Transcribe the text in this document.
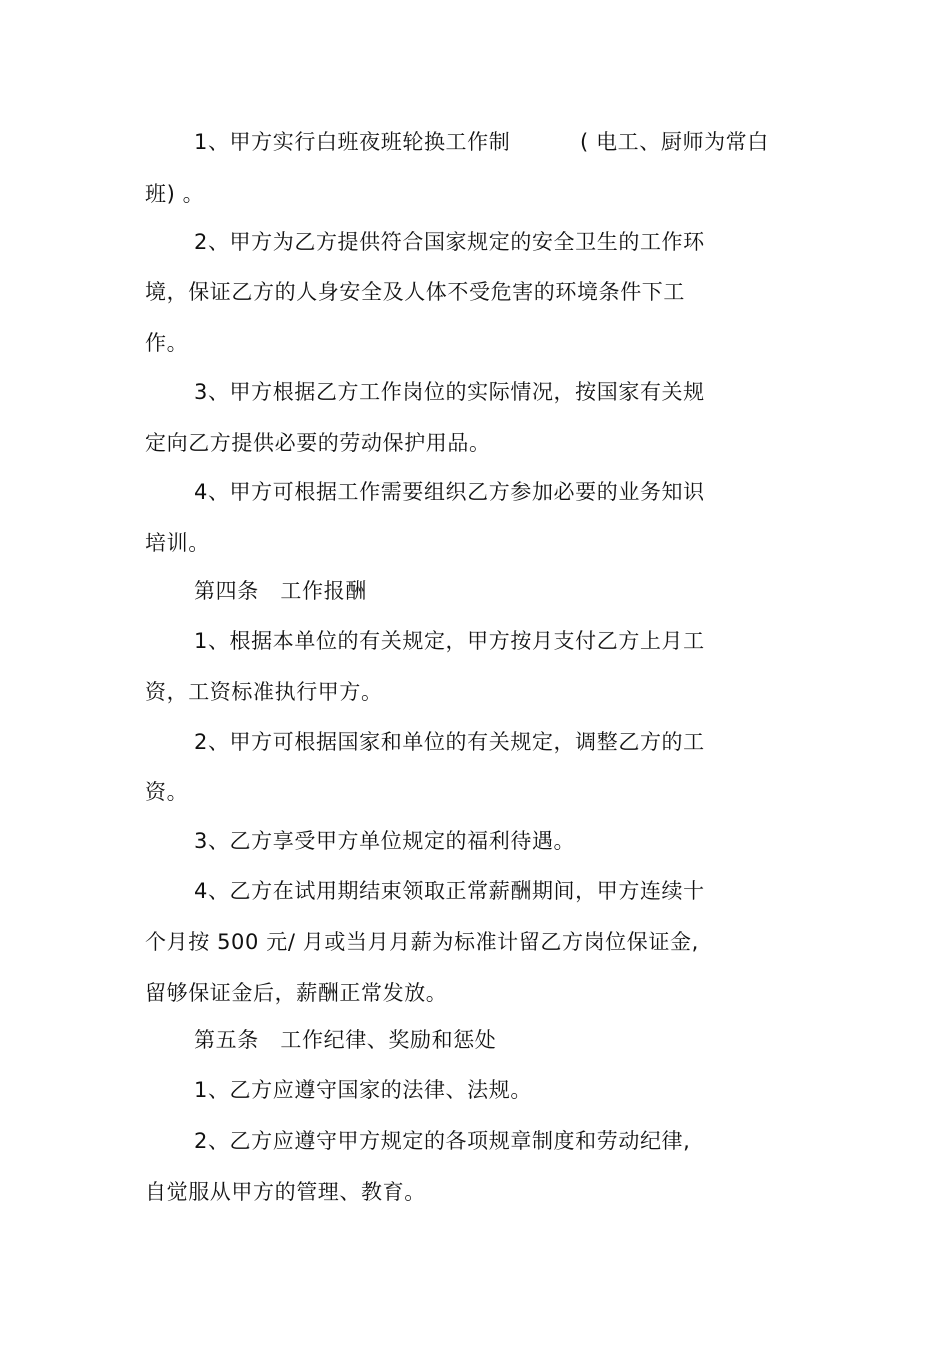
1、甲方实行白班夜班轮换工作制	( 电工、厨师为常白
班) 。
2、甲方为乙方提供符合国家规定的安全卫生的工作环
境，保证乙方的人身安全及人体不受危害的环境条件下工
作。
3、甲方根据乙方工作岗位的实际情况，按国家有关规
定向乙方提供必要的劳动保护用品。
4、甲方可根据工作需要组织乙方参加必要的业务知识
培训。
第四条　工作报酬
1、根据本单位的有关规定，甲方按月支付乙方上月工
资，工资标准执行甲方。
2、甲方可根据国家和单位的有关规定，调整乙方的工
资。
3、乙方享受甲方单位规定的福利待遇。
4、乙方在试用期结束领取正常薪酬期间，甲方连续十
个月按 500 元/ 月或当月月薪为标准计留乙方岗位保证金,
留够保证金后，薪酬正常发放。
第五条　工作纪律、奖励和惩处
1、乙方应遵守国家的法律、法规。
2、乙方应遵守甲方规定的各项规章制度和劳动纪律,
自觉服从甲方的管理、教育。
